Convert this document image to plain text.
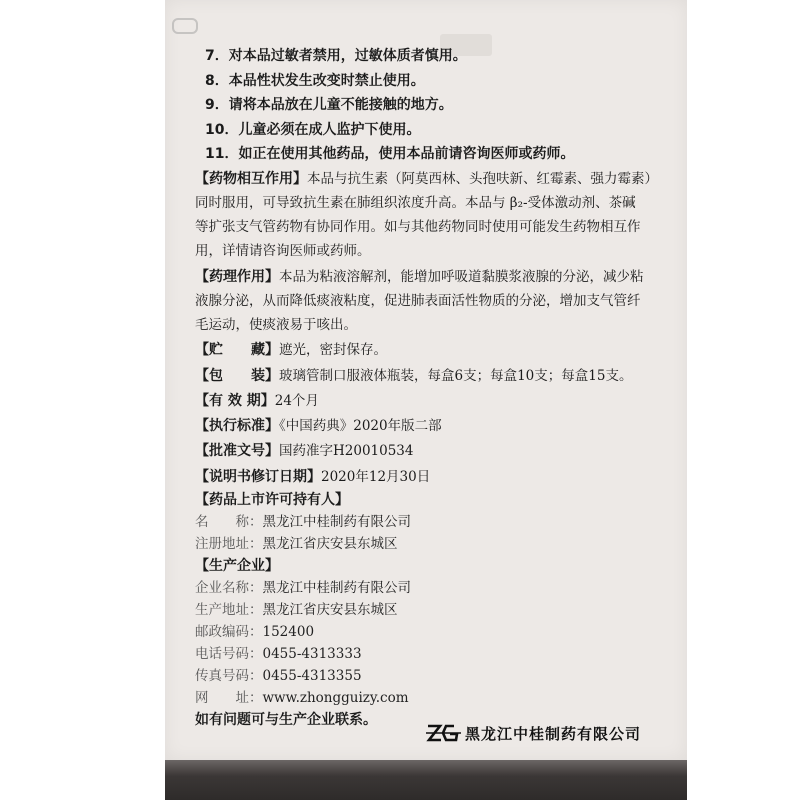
7．对本品过敏者禁用，过敏体质者慎用。
8．本品性状发生改变时禁止使用。
9．请将本品放在儿童不能接触的地方。
10．儿童必须在成人监护下使用。
11．如正在使用其他药品，使用本品前请咨询医师或药师。
【药物相互作用】本品与抗生素（阿莫西林、头孢呋新、红霉素、强力霉素）
同时服用，可导致抗生素在肺组织浓度升高。本品与 β₂-受体激动剂、茶碱
等扩张支气管药物有协同作用。如与其他药物同时使用可能发生药物相互作
用，详情请咨询医师或药师。
【药理作用】本品为粘液溶解剂，能增加呼吸道黏膜浆液腺的分泌，减少粘
液腺分泌，从而降低痰液粘度，促进肺表面活性物质的分泌，增加支气管纤
毛运动，使痰液易于咳出。
【贮　　藏】遮光，密封保存。
【包　　装】玻璃管制口服液体瓶装，每盒6支；每盒10支；每盒15支。
【有 效 期】24个月
【执行标准】《中国药典》2020年版二部
【批准文号】国药准字H20010534
【说明书修订日期】2020年12月30日
【药品上市许可持有人】
名　　称：黑龙江中桂制药有限公司
注册地址：黑龙江省庆安县东城区
【生产企业】
企业名称：黑龙江中桂制药有限公司
生产地址：黑龙江省庆安县东城区
邮政编码：152400
电话号码：0455-4313333
传真号码：0455-4313355
网　　址：www.zhongguizy.com
如有问题可与生产企业联系。
黑龙江中桂制药有限公司
